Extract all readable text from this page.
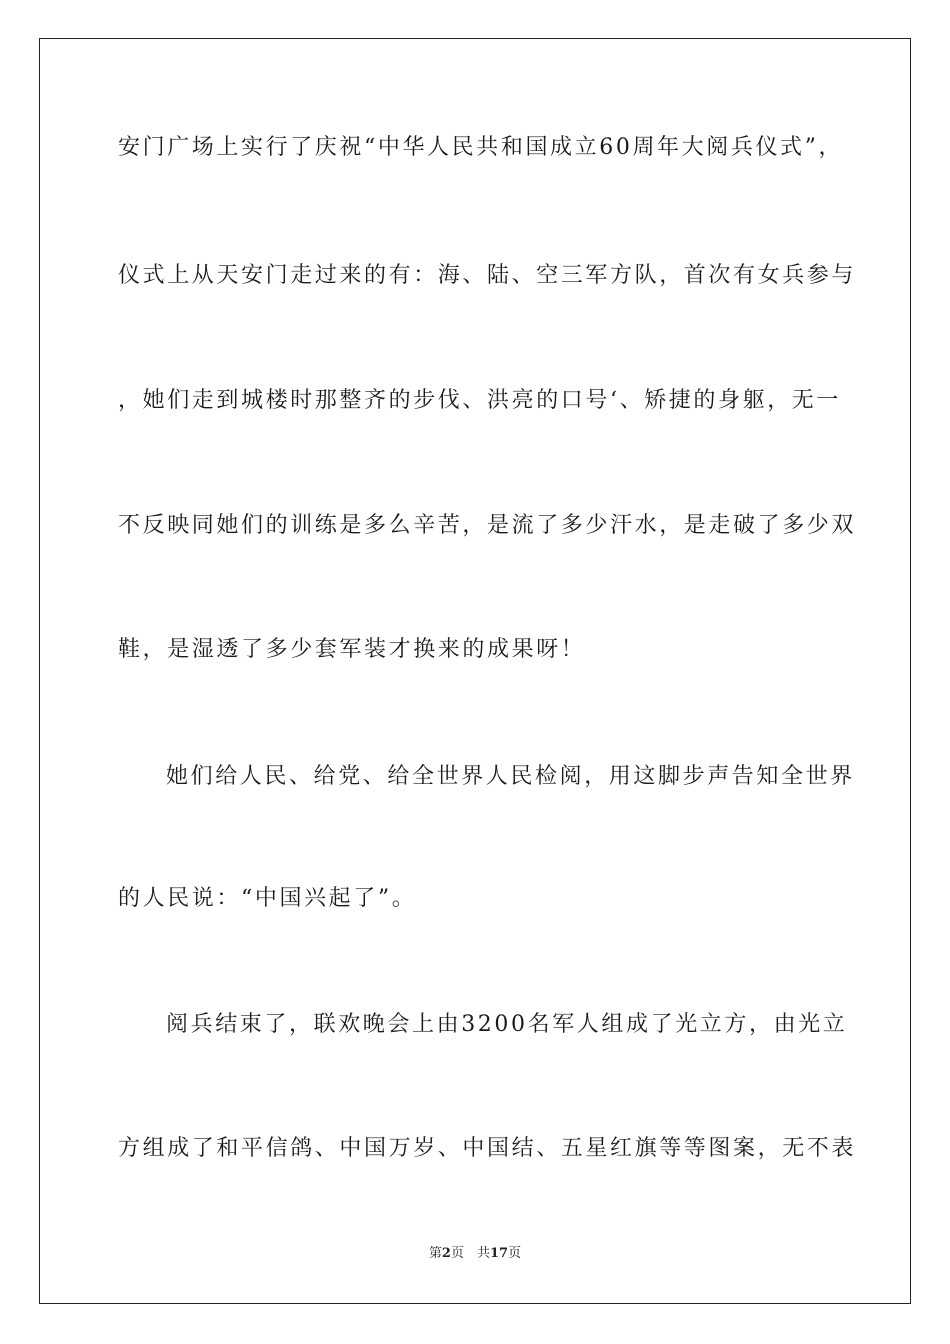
安门广场上实行了庆祝“中华人民共和国成立60周年大阅兵仪式”，
仪式上从天安门走过来的有：海、陆、空三军方队，首次有女兵参与
，她们走到城楼时那整齐的步伐、洪亮的口号‘、矫捷的身躯，无一
不反映同她们的训练是多么辛苦，是流了多少汗水，是走破了多少双
鞋，是湿透了多少套军装才换来的成果呀！
她们给人民、给党、给全世界人民检阅，用这脚步声告知全世界
的人民说：“中国兴起了”。
阅兵结束了，联欢晚会上由3200名军人组成了光立方，由光立
方组成了和平信鸽、中国万岁、中国结、五星红旗等等图案，无不表
第2页　共17页
